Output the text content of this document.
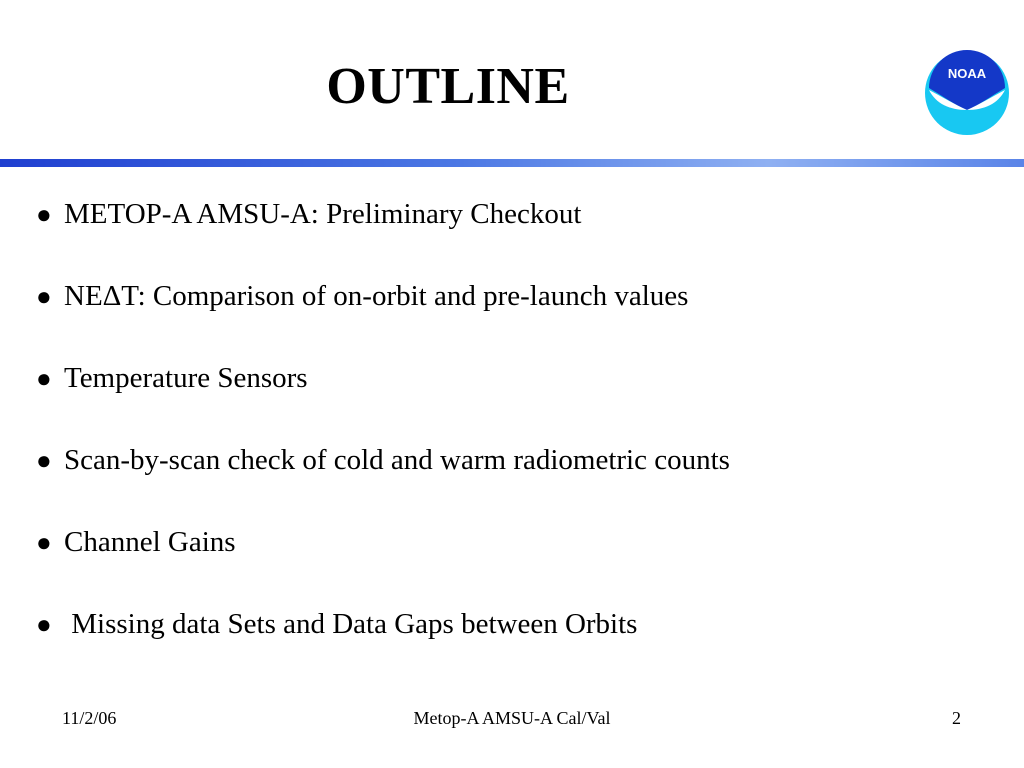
OUTLINE	NOAA
● METOP-A AMSU-A: Preliminary Checkout
● NEΔT: Comparison of on-orbit and pre-launch values
● Temperature Sensors
● Scan-by-scan check of cold and warm radiometric counts
● Channel Gains
● Missing data Sets and Data Gaps between Orbits
11/2/06	Metop-A AMSU-A Cal/Val	2
